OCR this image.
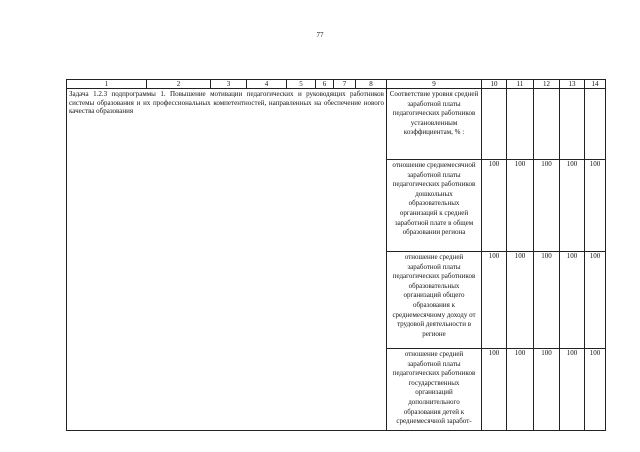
77
1	2	3	4	5	6	7	8	9	10	11	12	13	14

Задача 1.2.3 подпрограммы 1. Повышение мотивации педагогических и руководящих работников системы образования и их профессиональных компетентностей, направленных на обеспечение нового качества образования								Соответствие уровня средней заработной платы педагогических работников установленным коэффициентам, % :					

								отношение среднемесячной заработной платы педагогических работников дошкольных образовательных организаций к средней заработной плате в общем образовании региона	100	100	100	100	100

								отношение средней заработной платы педагогических работников образовательных организаций общего образования к среднемесячному доходу от трудовой деятельности в регионе	100	100	100	100	100

								отношение средней заработной платы педагогических работников государственных организаций дополнительного образования детей к среднемесячной заработ-	100	100	100	100	100
